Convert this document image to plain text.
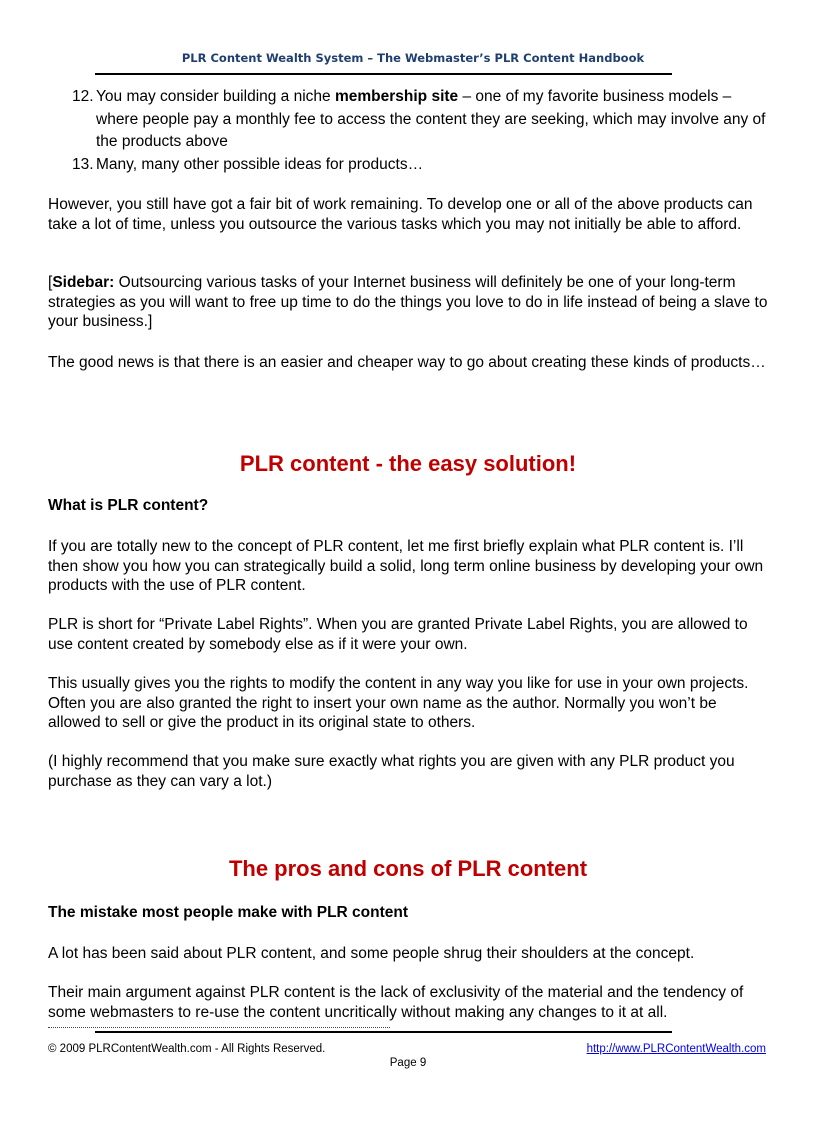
PLR Content Wealth System – The Webmaster’s PLR Content Handbook
12. You may consider building a niche membership site – one of my favorite business models – where people pay a monthly fee to access the content they are seeking, which may involve any of the products above
13. Many, many other possible ideas for products…

However, you still have got a fair bit of work remaining. To develop one or all of the above products can take a lot of time, unless you outsource the various tasks which you may not initially be able to afford.

[Sidebar: Outsourcing various tasks of your Internet business will definitely be one of your long-term strategies as you will want to free up time to do the things you love to do in life instead of being a slave to your business.]

The good news is that there is an easier and cheaper way to go about creating these kinds of products…

PLR content - the easy solution!
What is PLR content?

If you are totally new to the concept of PLR content, let me first briefly explain what PLR content is. I’ll then show you how you can strategically build a solid, long term online business by developing your own products with the use of PLR content.

PLR is short for “Private Label Rights”. When you are granted Private Label Rights, you are allowed to use content created by somebody else as if it were your own.

This usually gives you the rights to modify the content in any way you like for use in your own projects. Often you are also granted the right to insert your own name as the author. Normally you won’t be allowed to sell or give the product in its original state to others.

(I highly recommend that you make sure exactly what rights you are given with any PLR product you purchase as they can vary a lot.)

The pros and cons of PLR content
The mistake most people make with PLR content

A lot has been said about PLR content, and some people shrug their shoulders at the concept.

Their main argument against PLR content is the lack of exclusivity of the material and the tendency of some webmasters to re-use the content uncritically without making any changes to it at all.

© 2009 PLRContentWealth.com - All Rights Reserved.	http://www.PLRContentWealth.com
Page 9
